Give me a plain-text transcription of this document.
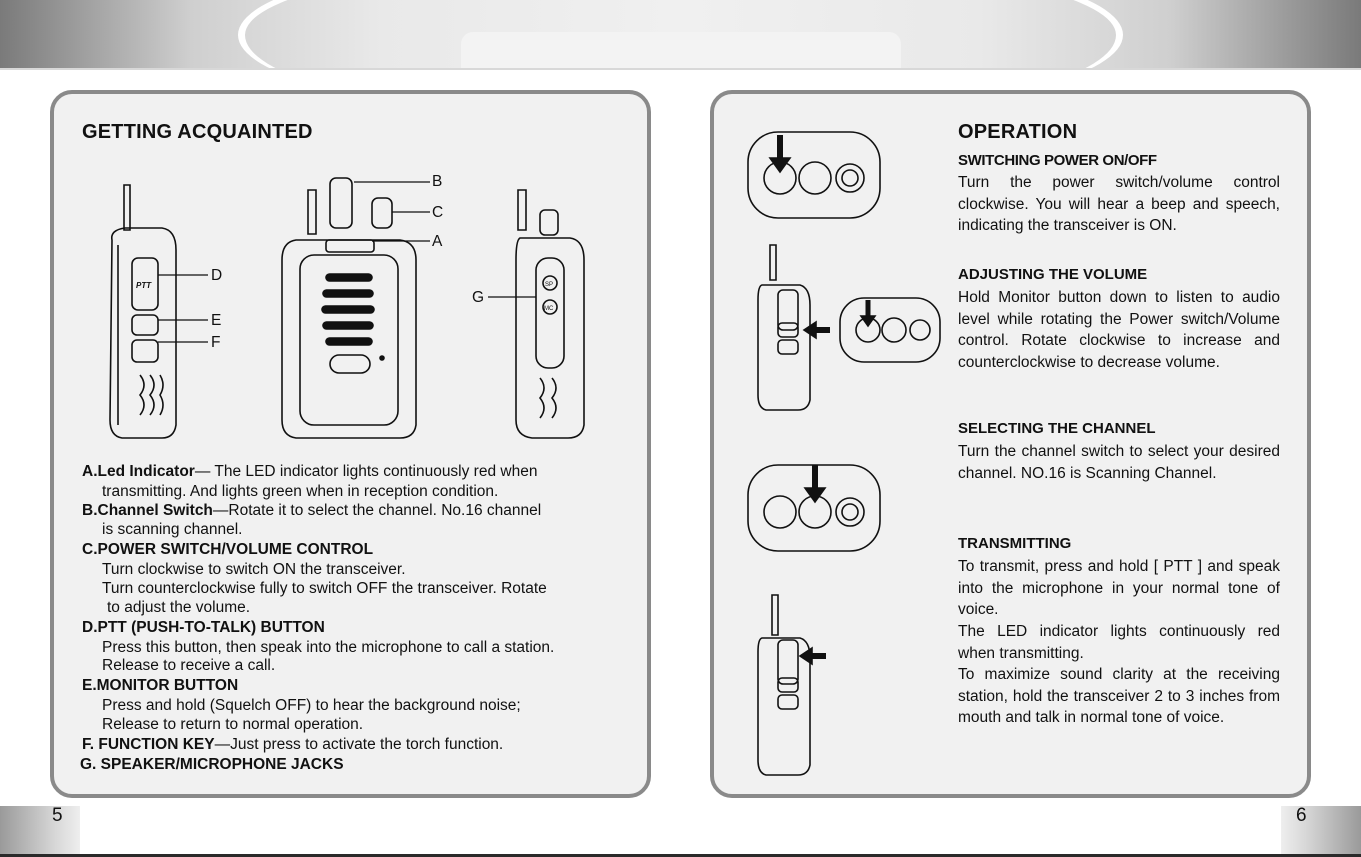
GETTING ACQUAINTED
PTT	SP
MC
B
C
A
D
E
F
G
A.Led Indicator— The LED indicator lights continuously red when
transmitting. And lights green when in reception condition.
B.Channel Switch—Rotate it to select the channel. No.16 channel
is scanning channel.
C.POWER SWITCH/VOLUME CONTROL
Turn clockwise to switch ON the transceiver.
Turn counterclockwise fully to switch OFF the transceiver. Rotate
to adjust the volume.
D.PTT (PUSH-TO-TALK) BUTTON
Press this button, then speak into the microphone to call a station.
Release to receive a call.
E.MONITOR BUTTON
Press and hold (Squelch OFF) to hear the background noise;
Release to return to normal operation.
F. FUNCTION KEY—Just press to activate the torch function.
G. SPEAKER/MICROPHONE JACKS
OPERATION
SWITCHING POWER ON/OFF
Turn the power switch/volume control clockwise. You will hear a beep and speech, indicating the transceiver is ON.
ADJUSTING THE VOLUME
Hold Monitor button down to listen to audio level while rotating the Power switch/Volume control. Rotate clockwise to increase and counterclockwise to decrease volume.
SELECTING THE CHANNEL
Turn the channel switch to select your desired channel. NO.16 is Scanning Channel.
TRANSMITTING
To transmit, press and hold [ PTT ] and speak into the microphone in your normal tone of voice.
The LED indicator lights continuously red when transmitting.
To maximize sound clarity at the receiving station, hold the transceiver 2 to 3 inches from mouth and talk in normal tone of voice.
5	6
